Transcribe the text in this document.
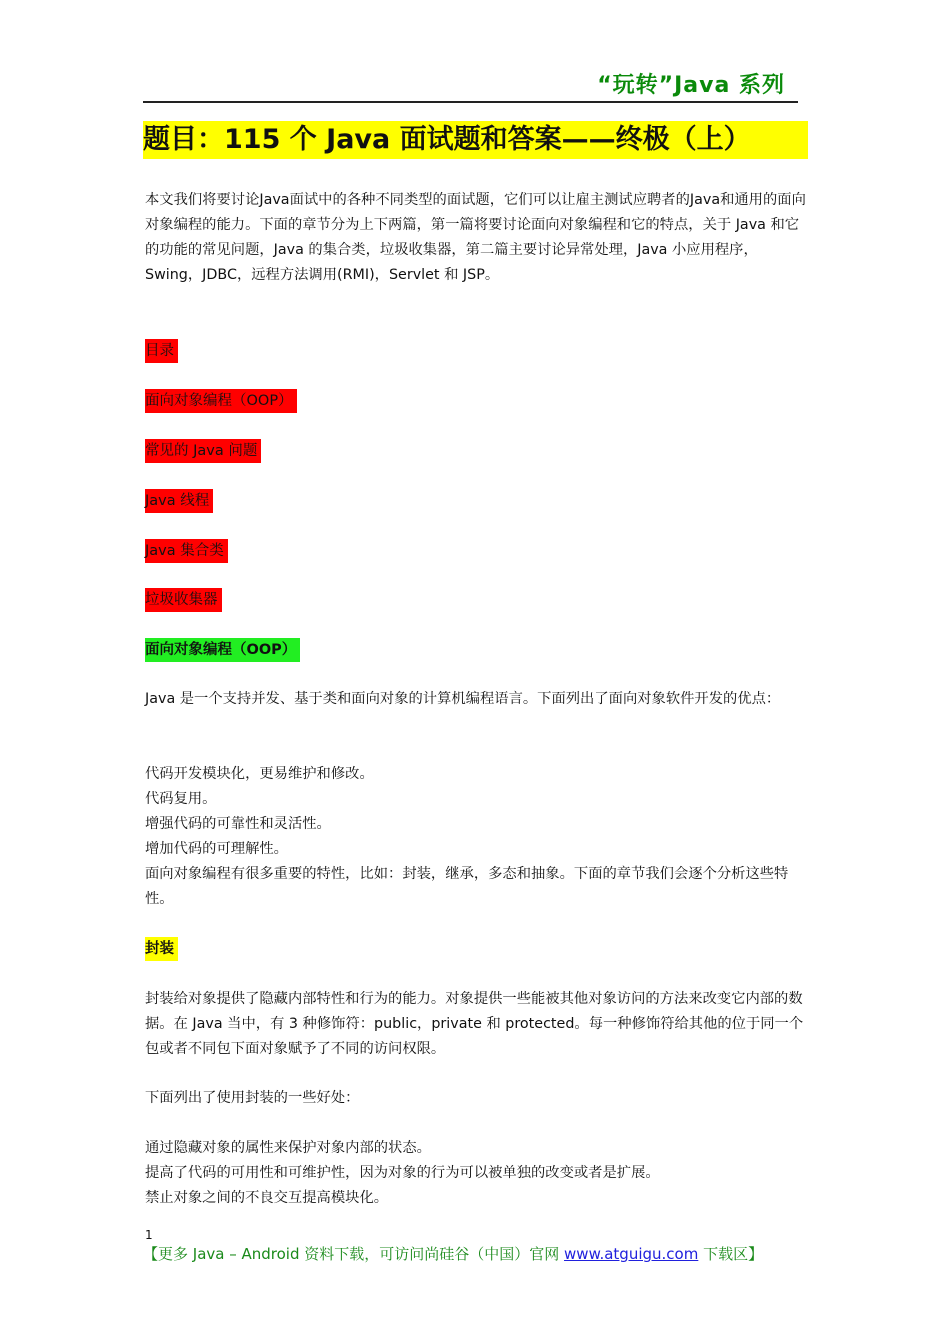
“玩转”Java 系列
题目：115 个 Java 面试题和答案——终极（上）

本文我们将要讨论Java面试中的各种不同类型的面试题，它们可以让雇主测试应聘者的Java和通用的面向对象编程的能力。下面的章节分为上下两篇，第一篇将要讨论面向对象编程和它的特点，关于 Java 和它的功能的常见问题，Java 的集合类，垃圾收集器，第二篇主要讨论异常处理，Java 小应用程序，Swing，JDBC，远程方法调用(RMI)，Servlet 和 JSP。

目录
面向对象编程（OOP）
常见的 Java 问题
Java 线程
Java 集合类
垃圾收集器
面向对象编程（OOP）

Java 是一个支持并发、基于类和面向对象的计算机编程语言。下面列出了面向对象软件开发的优点：

代码开发模块化，更易维护和修改。
代码复用。
增强代码的可靠性和灵活性。
增加代码的可理解性。
面向对象编程有很多重要的特性，比如：封装，继承，多态和抽象。下面的章节我们会逐个分析这些特性。
封装

封装给对象提供了隐藏内部特性和行为的能力。对象提供一些能被其他对象访问的方法来改变它内部的数据。在 Java 当中，有 3 种修饰符：public，private 和 protected。每一种修饰符给其他的位于同一个包或者不同包下面对象赋予了不同的访问权限。

下面列出了使用封装的一些好处：

通过隐藏对象的属性来保护对象内部的状态。
提高了代码的可用性和可维护性，因为对象的行为可以被单独的改变或者是扩展。
禁止对象之间的不良交互提高模块化。
1
【更多 Java – Android 资料下载，可访问尚硅谷（中国）官网 www.atguigu.com 下载区】
